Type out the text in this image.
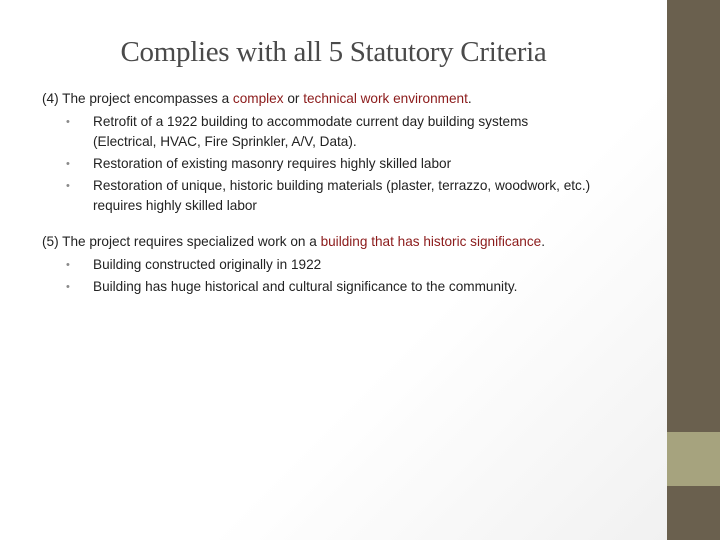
Complies with all 5 Statutory Criteria

(4) The project encompasses a complex or technical work environment.

• Retrofit of a 1922 building to accommodate current day building systems (Electrical, HVAC, Fire Sprinkler, A/V, Data).
• Restoration of existing masonry requires highly skilled labor
• Restoration of unique, historic building materials (plaster, terrazzo, woodwork, etc.) requires highly skilled labor

(5) The project requires specialized work on a building that has historic significance.

• Building constructed originally in 1922
• Building has huge historical and cultural significance to the community.
